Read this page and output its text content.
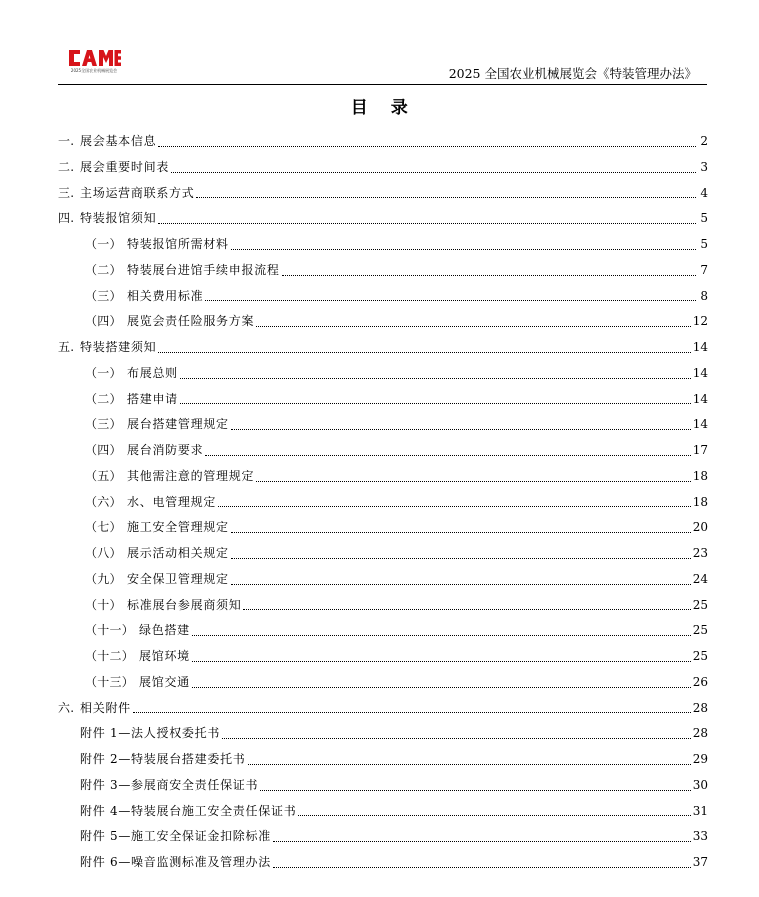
CAME
2025全国农业机械展览会	2025 全国农业机械展览会《特装管理办法》
目 录
一. 展会基本信息	2
二. 展会重要时间表	3
三. 主场运营商联系方式	4
四. 特装报馆须知	5
（一） 特装报馆所需材料	5
（二） 特装展台进馆手续申报流程	7
（三） 相关费用标准	8
（四） 展览会责任险服务方案	12
五. 特装搭建须知	14
（一） 布展总则	14
（二） 搭建申请	14
（三） 展台搭建管理规定	14
（四） 展台消防要求	17
（五） 其他需注意的管理规定	18
（六） 水、电管理规定	18
（七） 施工安全管理规定	20
（八） 展示活动相关规定	23
（九） 安全保卫管理规定	24
（十） 标准展台参展商须知	25
（十一） 绿色搭建	25
（十二） 展馆环境	25
（十三） 展馆交通	26
六. 相关附件	28
附件 1—法人授权委托书	28
附件 2—特装展台搭建委托书	29
附件 3—参展商安全责任保证书	30
附件 4—特装展台施工安全责任保证书	31
附件 5—施工安全保证金扣除标准	33
附件 6—噪音监测标准及管理办法	37
